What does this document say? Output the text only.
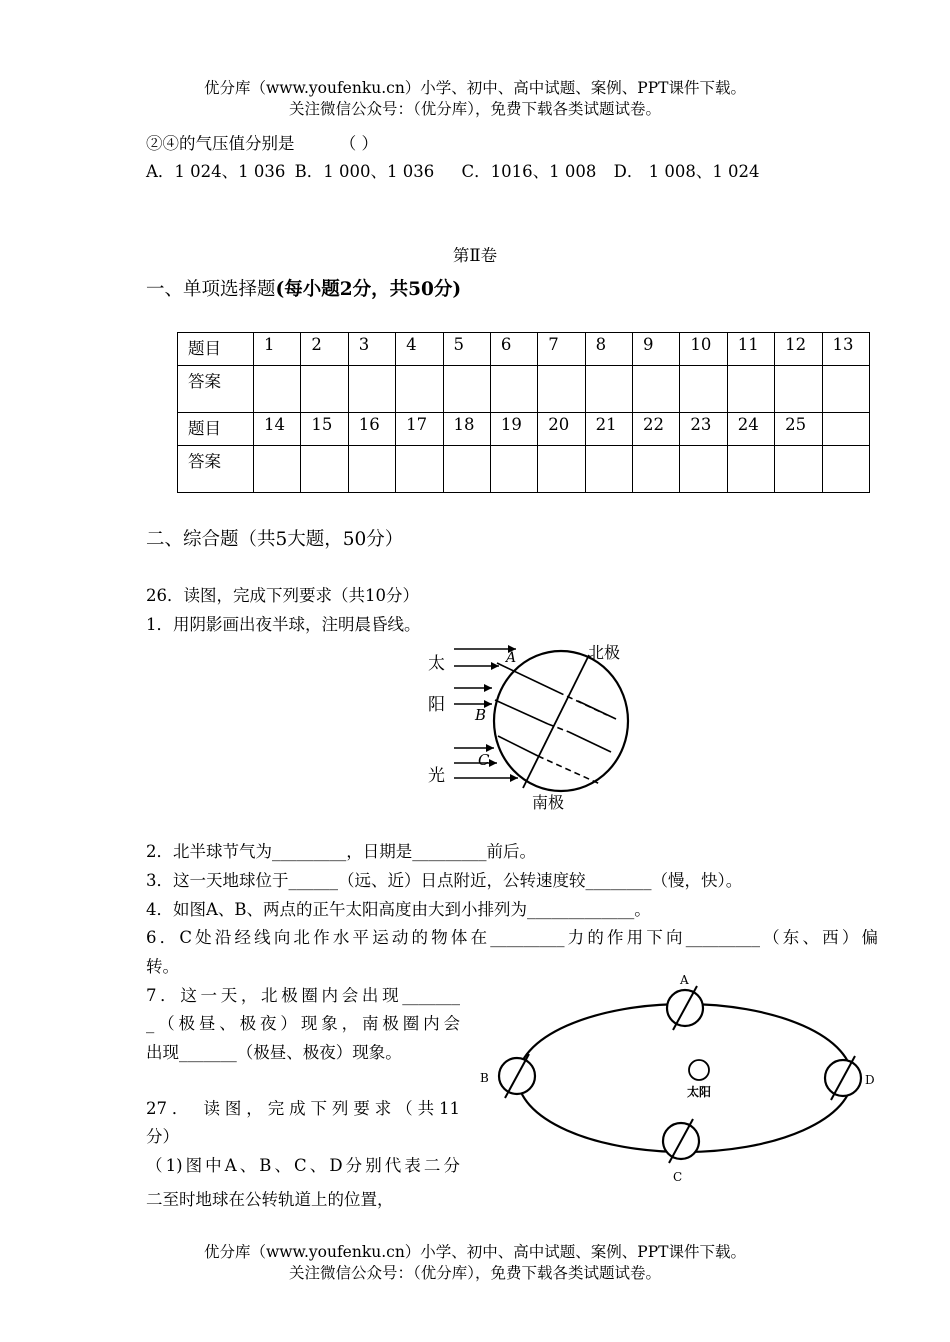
优分库（www.youfenku.cn）小学、初中、高中试题、案例、PPT课件下载。
关注微信公众号：（优分库），免费下载各类试题试卷。
②④的气压值分别是	（ ）
A．1 024、1 036 B．1 000、1 036 C．1016、1 008 D． 1 008、1 024
第Ⅱ卷
一、单项选择题(每小题2分，共50分)
题目	1	2	3	4	5	6	7	8	9	10	11	12	13
答案													
题目	14	15	16	17	18	19	20	21	22	23	24	25	
答案													
二、综合题（共5大题，50分）
26．读图，完成下列要求（共10分）
1．用阴影画出夜半球，注明晨昏线。
太
阳
光
北极
南极
A
B
C
2．北半球节气为_________，日期是_________前后。
3．这一天地球位于______（远、近）日点附近，公转速度较________（慢，快）。
4．如图A、B、两点的正午太阳高度由大到小排列为_____________。
6．C处沿经线向北作水平运动的物体在_________力的作用下向_________（东、西）偏
转。
7．这一天，北极圈内会出现_______
_（极昼、极夜）现象，南极圈内会
出现_______（极昼、极夜）现象。
27． 读图，完成下列要求（共11
分）
（1)图中A、B、C、D分别代表二分
二至时地球在公转轨道上的位置，
太阳
A
B
C
D
优分库（www.youfenku.cn）小学、初中、高中试题、案例、PPT课件下载。
关注微信公众号：（优分库），免费下载各类试题试卷。
